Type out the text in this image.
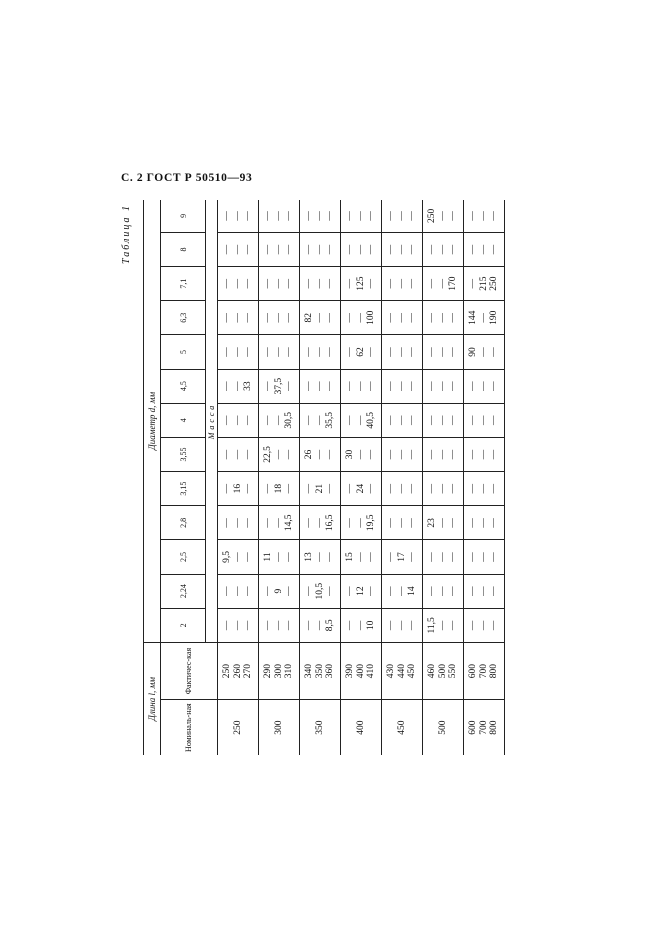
С. 2 ГОСТ Р 50510—93
Таблица 1
Длина l, мм		Диаметр d, мм												
Номиналь-ная	Фактичес-кая	2	2,24	2,5	2,8	3,15	3,55	4	4,5	5	6,3	7,1	8	9
		Масса												

250	250 260 270	— — —	— — —	9,5 — —	— — —	— 16 —	— — —	— — —	— — 33	— — —	— — —	— — —	— — —	— — —

300	290 300 310	— — —	— 9 —	11 — —	— — 14,5	— 18 —	22,5 — —	— — 30,5	— 37,5 —	— — —	— — —	— — —	— — —	— — —

350	340 350 360	— — 8,5	— 10,5 —	13 — —	— — 16,5	— 21 —	26 — —	— — 35,5	— — —	— — —	82 — —	— — —	— — —	— — —

400	390 400 410	— — 10	— 12 —	15 — —	— — 19,5	— 24 —	30 — —	— — 40,5	— — —	— 62 —	— — 100	— 125 —	— — —	— — —

450	430 440 450	— — —	— — 14	— 17 —	— — —	— — —	— — —	— — —	— — —	— — —	— — —	— — —	— — —	— — —

500	460 500 550	11,5 — —	— — —	— — —	23 — —	— — —	— — —	— — —	— — —	— — —	— — —	— — 170	— — —	250 — —

600 700 800	600 700 800	— — —	— — —	— — —	— — —	— — —	— — —	— — —	— — —	90 — —	144 — 190	— 215 250	— — —	— — —
